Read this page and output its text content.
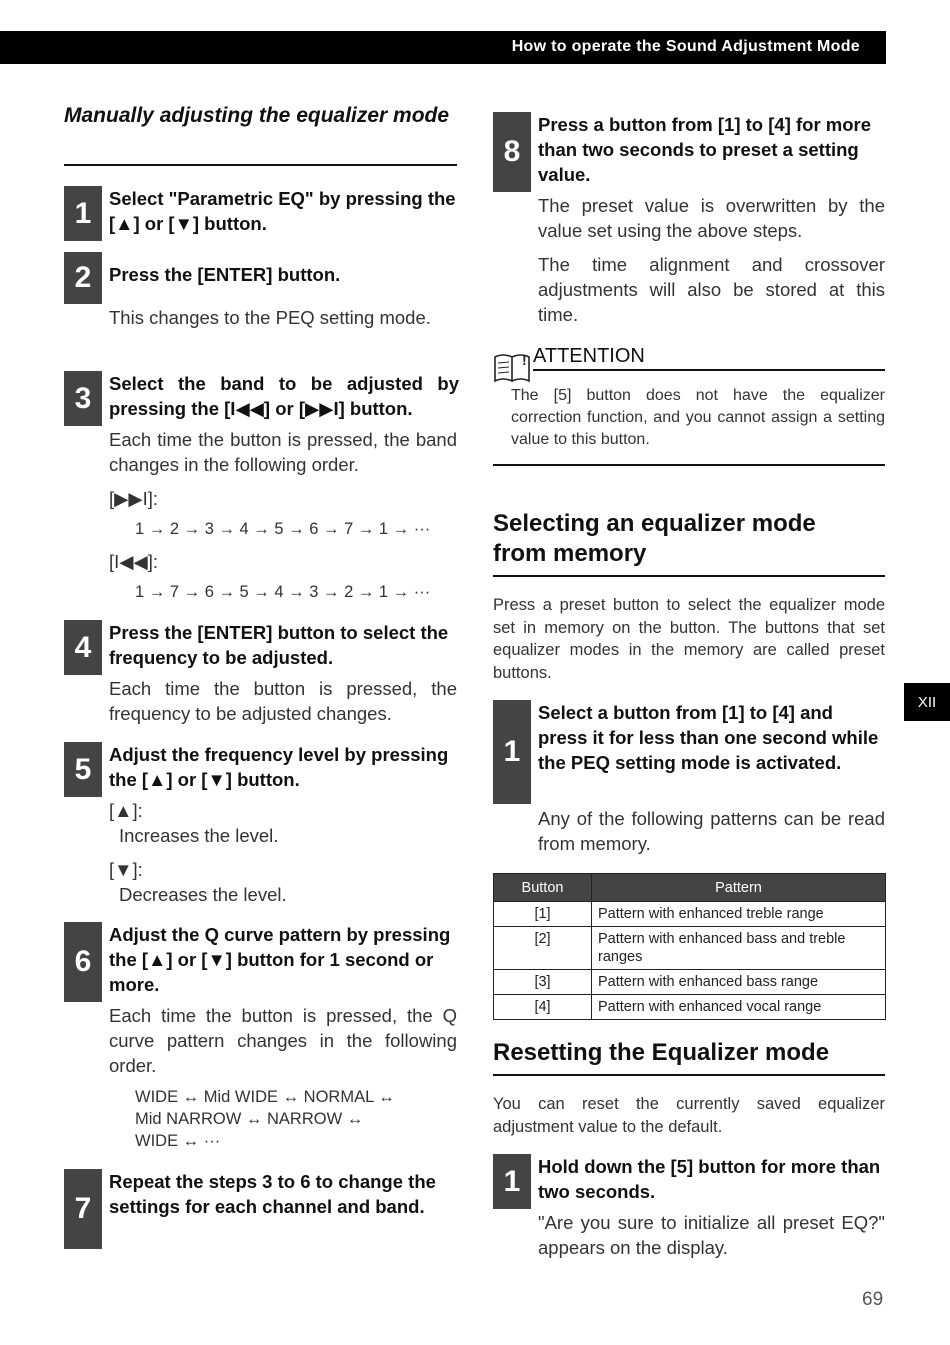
How to operate the Sound Adjustment Mode
Manually adjusting the equalizer mode
1 Select "Parametric EQ" by pressing the [▲] or [▼] button.
2 Press the [ENTER] button.
This changes to the PEQ setting mode.
3 Select the band to be adjusted by pressing the [I◀◀] or [▶▶I] button.
Each time the button is pressed, the band changes in the following order.
[▶▶I]:
1 → 2 → 3 → 4 → 5 → 6 → 7 → 1 → ···
[I◀◀]:
1 → 7 → 6 → 5 → 4 → 3 → 2 → 1 → ···
4 Press the [ENTER] button to select the frequency to be adjusted.
Each time the button is pressed, the frequency to be adjusted changes.
5 Adjust the frequency level by pressing the [▲] or [▼] button.
[▲]:
Increases the level.
[▼]:
Decreases the level.
6
Adjust the Q curve pattern by pressing the [▲] or [▼] button for 1 second or more.
Each time the button is pressed, the Q curve pattern changes in the following order.
WIDE ↔ Mid WIDE ↔ NORMAL ↔
Mid NARROW ↔ NARROW ↔
WIDE ↔ ···
7
Repeat the steps 3 to 6 to change the settings for each channel and band.
8
Press a button from [1] to [4] for more than two seconds to preset a setting value.
The preset value is overwritten by the value set using the above steps.
The time alignment and crossover adjustments will also be stored at this time.
! ATTENTION
The [5] button does not have the equalizer correction function, and you cannot assign a setting value to this button.
Selecting an equalizer mode
from memory
Press a preset button to select the equalizer mode set in memory on the button. The buttons that set equalizer modes in the memory are called preset buttons.
1
Select a button from [1] to [4] and press it for less than one second while the PEQ setting mode is activated.
Any of the following patterns can be read from memory.
Button	Pattern
[1]	Pattern with enhanced treble range
[2]	Pattern with enhanced bass and treble ranges
[3]	Pattern with enhanced bass range
[4]	Pattern with enhanced vocal range
Resetting the Equalizer mode
You can reset the currently saved equalizer adjustment value to the default.
1 Hold down the [5] button for more than two seconds.
"Are you sure to initialize all preset EQ?" appears on the display.
XII
69
